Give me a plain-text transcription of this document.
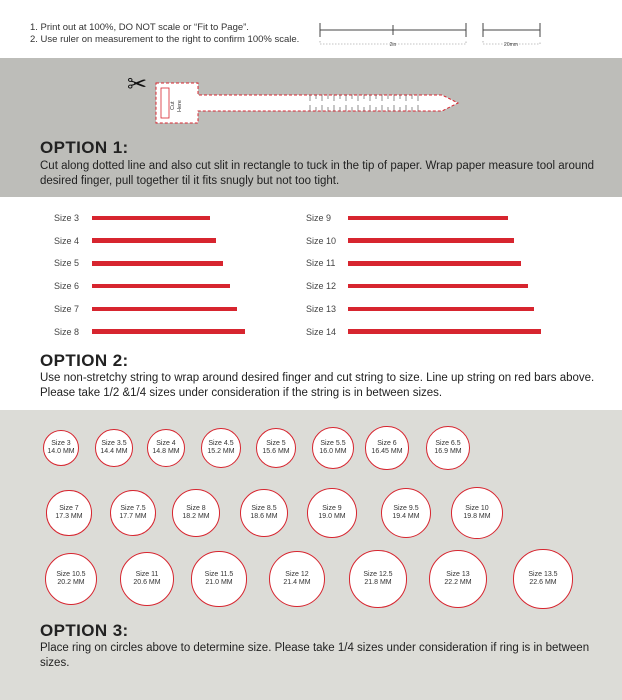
1. Print out at 100%, DO NOT scale or “Fit to Page”.
2. Use ruler on measurement to the right to confirm 100% scale.
2in	20mm
✂
Cut Here
OPTION 1:
Cut along dotted line and also cut slit in rectangle to tuck in the tip of paper. Wrap paper measure tool around desired finger, pull together til it fits snugly but not too tight.
Size 3
Size 4
Size 5
Size 6
Size 7
Size 8
Size 9
Size 10
Size 11
Size 12
Size 13
Size 14
OPTION 2:
Use non-stretchy string to wrap around desired finger and cut string to size. Line up string on red bars above. Please take 1/2 &1/4 sizes under consideration if the string is in between sizes.
Size 3
14.0 MM
Size 3.5
14.4 MM
Size 4
14.8 MM
Size 4.5
15.2 MM
Size 5
15.6 MM
Size 5.5
16.0 MM
Size 6
16.45 MM
Size 6.5
16.9 MM
Size 7
17.3 MM
Size 7.5
17.7 MM
Size 8
18.2 MM
Size 8.5
18.6 MM
Size 9
19.0 MM
Size 9.5
19.4 MM
Size 10
19.8 MM
Size 10.5
20.2 MM
Size 11
20.6 MM
Size 11.5
21.0 MM
Size 12
21.4 MM
Size 12.5
21.8 MM
Size 13
22.2 MM
Size 13.5
22.6 MM
OPTION 3:
Place ring on circles above to determine size. Please take 1/4 sizes under consideration if ring is in between sizes.
